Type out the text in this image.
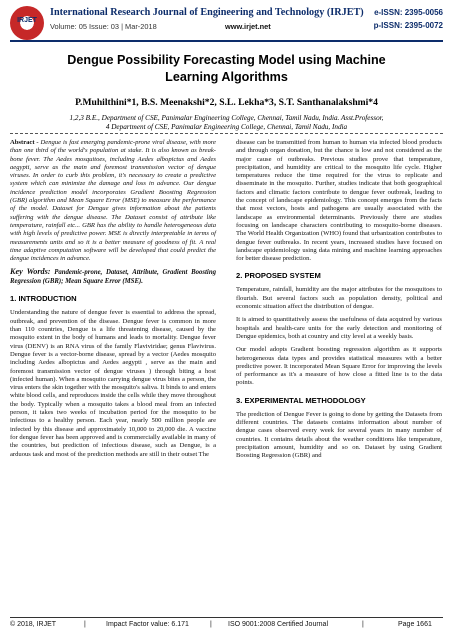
IRJET
International Research Journal of Engineering and Technology (IRJET) e-ISSN: 2395-0056
Volume: 05 Issue: 03 | Mar-2018	www.irjet.net	p-ISSN: 2395-0072
Dengue Possibility Forecasting Model using Machine Learning Algorithms
P.Muhilthini*1, B.S. Meenakshi*2, S.L. Lekha*3, S.T. Santhanalakshmi*4
1,2,3 B.E., Department of CSE, Panimalar Engineering College, Chennai, Tamil Nadu, India. Asst.Professor,
4 Department of CSE, Panimalar Engineering College, Chennai, Tamil Nadu, India

Abstract - Dengue is fast emerging pandemic-prone viral disease, with more than one third of the world's population at stake. It is also known as break-bone fever. The Aedes mosquitoes, including Aedes albopictus and Aedes aegypti, serve as the main and foremost transmission vector of dengue viruses. In order to curb this problem, it's necessary to create a predictive system which can minimize the damage and loss in advance. Our dengue incidence prediction model incorporates Gradient Boosting Regression (GBR) algorithm and Mean Square Error (MSE) to measure the performance of the model. Dataset for Dengue gives information about the patients suffering with the dengue disease. The Dataset consist of attribute like temperature, rainfall etc... GBR has the ability to handle heterogeneous data with high levels of predictive power. MSE is directly interpretable in terms of measurements units and so it is a better measure of goodness of fit. A real time adaptive computation software will be developed that could predict the dengue incidences in advance.

Key Words: Pandemic-prone, Dataset, Attribute, Gradient Boosting Regression (GBR); Mean Square Error (MSE).

1. INTRODUCTION

Understanding the nature of dengue fever is essential to address the spread, outbreak, and prevention of the disease. Dengue fever is common in more than 110 countries, Dengue is a life threatening disease, caused by the mosquito extent in the body of humans and leads to mortality. Dengue fever virus (DENV) is an RNA virus of the family Flaviviridae; genus Flavivirus. Dengue fever is a vector-borne disease, spread by a vector (Aedes mosquito including Aedes albopictus and Aedes aegypti , serve as the main and foremost transmission vector of dengue viruses ) through biting a host (infected human). When a mosquito carrying dengue virus bites a person, the virus enters the skin together with the mosquito's saliva. It binds to and enters white blood cells, and reproduces inside the cells while they move throughout the body. Typically when a mosquito takes a blood meal from an infected person, it takes two weeks of incubation period for the mosquito to be infectious to a healthy person. Each year, nearly 500 million people are infected by this disease and approximately 10,000 to 20,000 die. A vaccine for dengue fever has been approved and is commercially available in many of the countries, but prediction of infectious disease, such as Dengue, is a arduous task and most of the prediction methods are still in their outset The

disease can be transmitted from human to human via infected blood products and through organ donation, but the chance is low and not considered as the major cause of outbreaks. Previous studies prove that temperature, precipitation, and humidity are critical to the mosquito life cycle. Higher temperatures reduce the time required for the virus to replicate and disseminate in the mosquito. Further, studies indicate that both geographical factors and climatic factors contribute to dengue fever outbreak, leading to the concept of landscape epidemiology. This concept emerges from the facts that most vectors, hosts and pathogens are usually associated with the landscape as environmental determinants. Previously there are studies focusing on landscape characters contributing to mosquito-borne diseases. The World Health Organization (WHO) found that urbanization contributes to dengue fever outbreaks. In recent years, increased studies have focused on landscape epidemiology using data mining and machine learning approaches for better disease prediction.

2. PROPOSED SYSTEM

Temperature, rainfall, humidity are the major attributes for the mosquitoes to flourish. But several factors such as population density, political and economic situation affect the distribution of dengue.

It is aimed to quantitatively assess the usefulness of data acquired by various hospitals and health-care units for the early detection and monitoring of Dengue epidemics, both at country and city level at a weekly basis.

Our model adopts Gradient boosting regression algorithm as it supports heterogeneous data types and provides statistical measures with a better predictive power. It incorporated Mean Square Error for improving the levels of performance as it's a measure of how close a fitted line is to the data points.

3. EXPERIMENTAL METHODOLOGY

The prediction of Dengue Fever is going to done by getting the Datasets from different countries. The datasets contains information about number of dengue cases observed every week for several years in many number of countries. It contains details about the weather conditions like temperature, precipitation amount, humidity and so on. Dataset by using Gradient Boosting Regression (GBR) and

© 2018, IRJET	|	Impact Factor value: 6.171	| ISO 9001:2008 Certified Journal	|	Page 1661
